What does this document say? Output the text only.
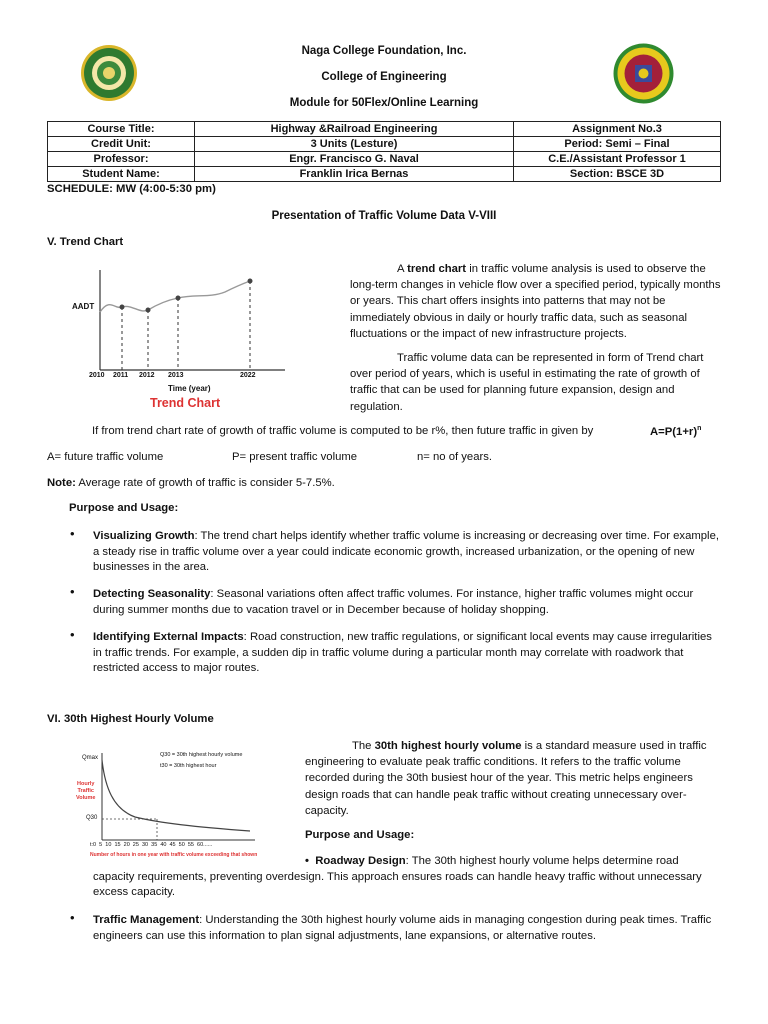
Naga College Foundation, Inc.
College of Engineering
Module for 50Flex/Online Learning
Course Title:	Highway &Railroad Engineering	Assignment No.3
Credit Unit:	3 Units (Lesture)	Period: Semi – Final
Professor:	Engr. Francisco G. Naval	C.E./Assistant Professor 1
Student Name:	Franklin Irica Bernas	Section: BSCE 3D
SCHEDULE: MW (4:00-5:30 pm)
Presentation of Traffic Volume Data V-VIII
V. Trend Chart
AADT
2010 2011 2012 2013	2022
Time (year)
Trend Chart
A trend chart in traffic volume analysis is used to observe the long-term changes in vehicle flow over a specified period, typically months or years. This chart offers insights into patterns that may not be immediately obvious in daily or hourly traffic data, such as seasonal fluctuations or the impact of new infrastructure projects.
Traffic volume data can be represented in form of Trend chart over period of years, which is useful in estimating the rate of growth of traffic that can be used for planning future expansion, design and regulation.
If from trend chart rate of growth of traffic volume is computed to be r%, then future traffic in given by	$A=P(1+r)^n$
A= future traffic volume	P= present traffic volume	n= no of years.
Note: Average rate of growth of traffic is consider 5-7.5%.
Purpose and Usage:
• Visualizing Growth: The trend chart helps identify whether traffic volume is increasing or decreasing over time. For example, a steady rise in traffic volume over a year could indicate economic growth, increased urbanization, or the opening of new businesses in the area.
• Detecting Seasonality: Seasonal variations often affect traffic volumes. For instance, higher traffic volumes might occur during summer months due to vacation travel or in December because of holiday shopping.
• Identifying External Impacts: Road construction, new traffic regulations, or significant local events may cause irregularities in traffic trends. For example, a sudden dip in traffic volume during a particular month may correlate with roadwork that restricted access to major routes.
VI. 30th Highest Hourly Volume
Qmax	Q30 = 30th highest hourly volume
t30 = 30th highest hour
Hourly
Traffic
Volume
Q30
t:0  5  10  15  20  25  30  35  40  45  50  55  60......
Number of hours in one year with traffic volume exceeding that shown
The 30th highest hourly volume is a standard measure used in traffic engineering to evaluate peak traffic conditions. It refers to the traffic volume recorded during the 30th busiest hour of the year. This metric helps engineers design roads that can handle peak traffic without creating unnecessary over-capacity.
Purpose and Usage:
•  Roadway Design: The 30th highest hourly volume helps determine road capacity requirements, preventing overdesign. This approach ensures roads can handle heavy traffic without unnecessary excess capacity.
• Traffic Management: Understanding the 30th highest hourly volume aids in managing congestion during peak times. Traffic engineers can use this information to plan signal adjustments, lane expansions, or alternative routes.
